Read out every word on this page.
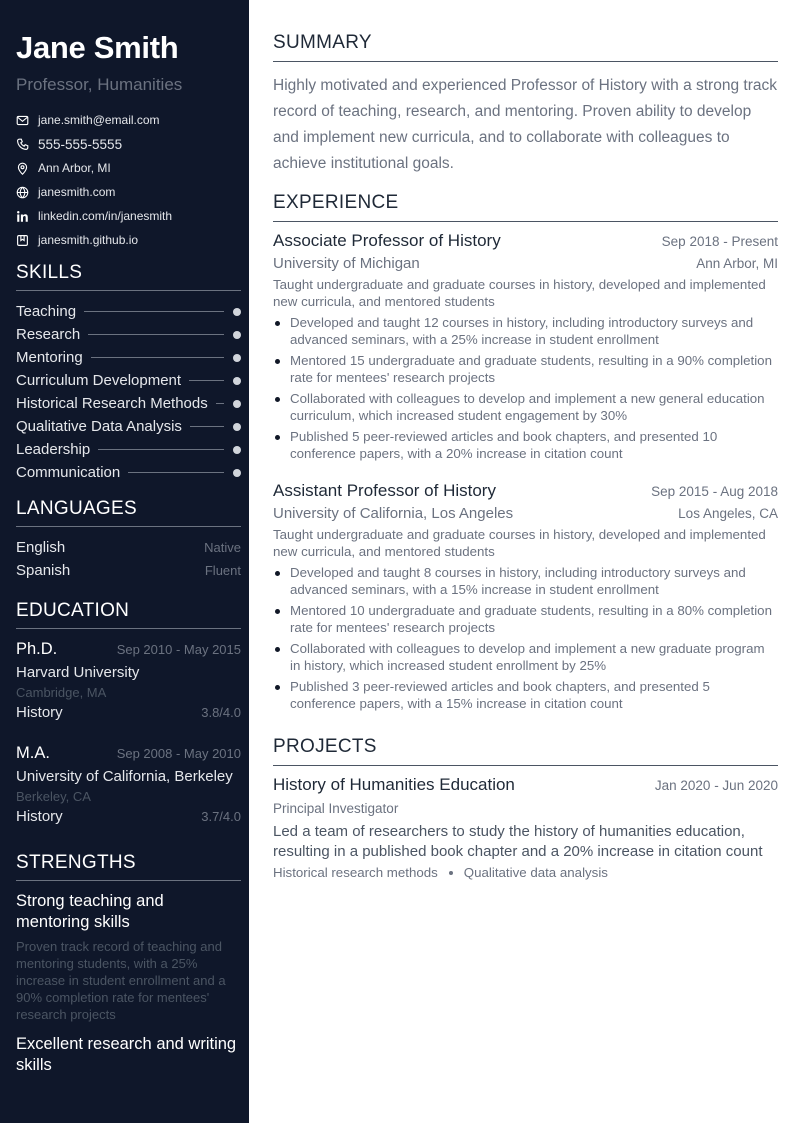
Jane Smith
Professor, Humanities
jane.smith@email.com
555-555-5555
Ann Arbor, MI
janesmith.com
linkedin.com/in/janesmith
janesmith.github.io
SKILLS
Teaching
Research
Mentoring
Curriculum Development
Historical Research Methods
Qualitative Data Analysis
Leadership
Communication
LANGUAGES
English	Native
Spanish	Fluent
EDUCATION
Ph.D.	Sep 2010 - May 2015
Harvard University
Cambridge, MA
History	3.8/4.0
M.A.	Sep 2008 - May 2010
University of California, Berkeley
Berkeley, CA
History	3.7/4.0
STRENGTHS
Strong teaching and mentoring skills
Proven track record of teaching and mentoring students, with a 25% increase in student enrollment and a 90% completion rate for mentees' research projects
Excellent research and writing skills
SUMMARY
Highly motivated and experienced Professor of History with a strong track record of teaching, research, and mentoring. Proven ability to develop and implement new curricula, and to collaborate with colleagues to achieve institutional goals.
EXPERIENCE
Associate Professor of History	Sep 2018 - Present
University of Michigan	Ann Arbor, MI
Taught undergraduate and graduate courses in history, developed and implemented new curricula, and mentored students
Developed and taught 12 courses in history, including introductory surveys and advanced seminars, with a 25% increase in student enrollment
Mentored 15 undergraduate and graduate students, resulting in a 90% completion rate for mentees' research projects
Collaborated with colleagues to develop and implement a new general education curriculum, which increased student engagement by 30%
Published 5 peer-reviewed articles and book chapters, and presented 10 conference papers, with a 20% increase in citation count
Assistant Professor of History	Sep 2015 - Aug 2018
University of California, Los Angeles	Los Angeles, CA
Taught undergraduate and graduate courses in history, developed and implemented new curricula, and mentored students
Developed and taught 8 courses in history, including introductory surveys and advanced seminars, with a 15% increase in student enrollment
Mentored 10 undergraduate and graduate students, resulting in a 80% completion rate for mentees' research projects
Collaborated with colleagues to develop and implement a new graduate program in history, which increased student enrollment by 25%
Published 3 peer-reviewed articles and book chapters, and presented 5 conference papers, with a 15% increase in citation count
PROJECTS
History of Humanities Education	Jan 2020 - Jun 2020
Principal Investigator
Led a team of researchers to study the history of humanities education, resulting in a published book chapter and a 20% increase in citation count
Historical research methods Qualitative data analysis
